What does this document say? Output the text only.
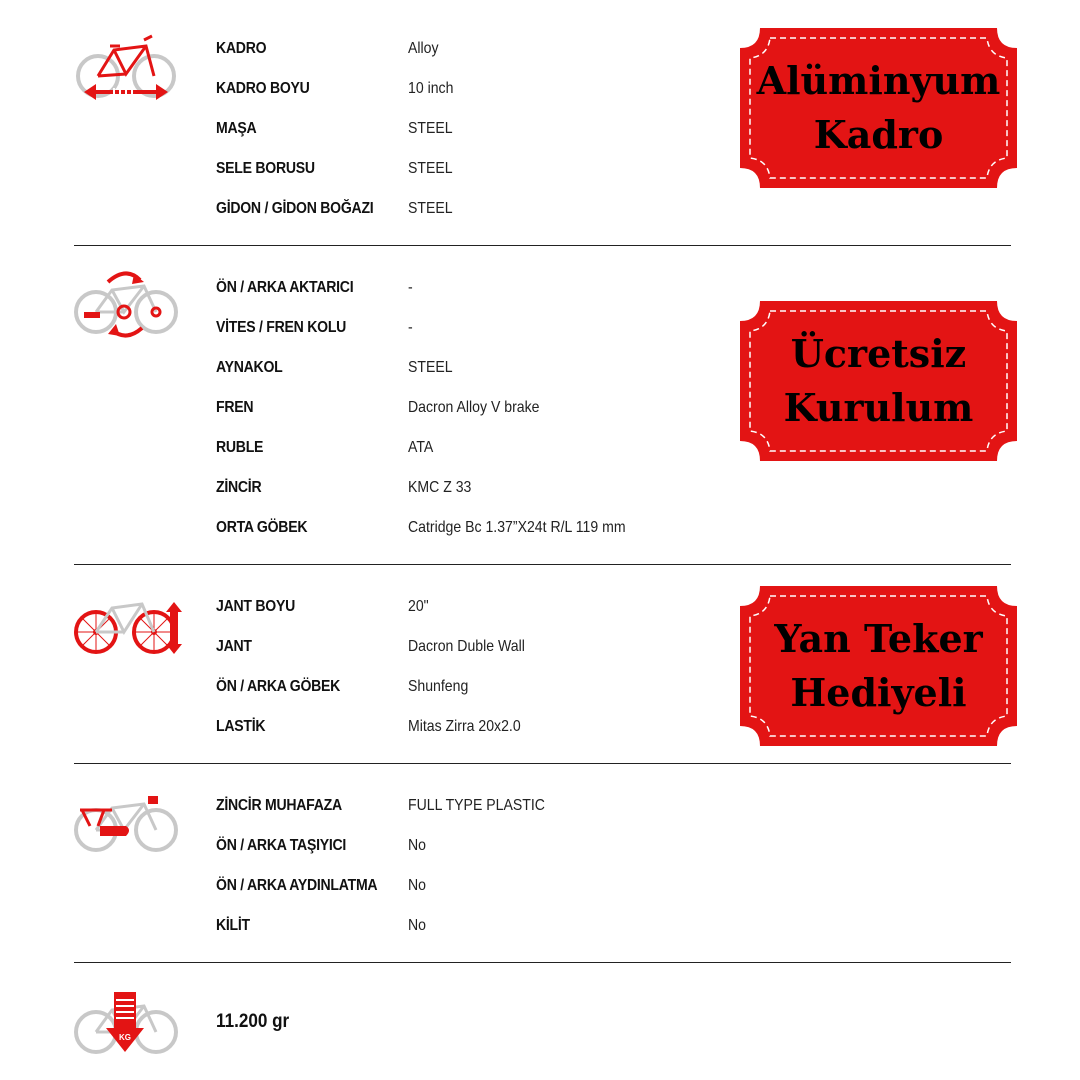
KADRO	Alloy
KADRO BOYU	10 inch
MAŞA	STEEL
SELE BORUSU	STEEL
GİDON / GİDON BOĞAZI	STEEL
ÖN / ARKA AKTARICI	-
VİTES / FREN KOLU	-
AYNAKOL	STEEL
FREN	Dacron Alloy V brake
RUBLE	ATA
ZİNCİR	KMC Z 33
ORTA GÖBEK	Catridge Bc 1.37”X24t R/L 119 mm
JANT BOYU	20"
JANT	Dacron Duble Wall
ÖN / ARKA GÖBEK	Shunfeng
LASTİK	Mitas Zirra 20x2.0
ZİNCİR MUHAFAZA	FULL TYPE PLASTIC
ÖN / ARKA TAŞIYICI	No
ÖN / ARKA AYDINLATMA	No
KİLİT	No
KG
11.200 gr
Alüminyum
Kadro
Ücretsiz
Kurulum
Yan Teker
Hediyeli
